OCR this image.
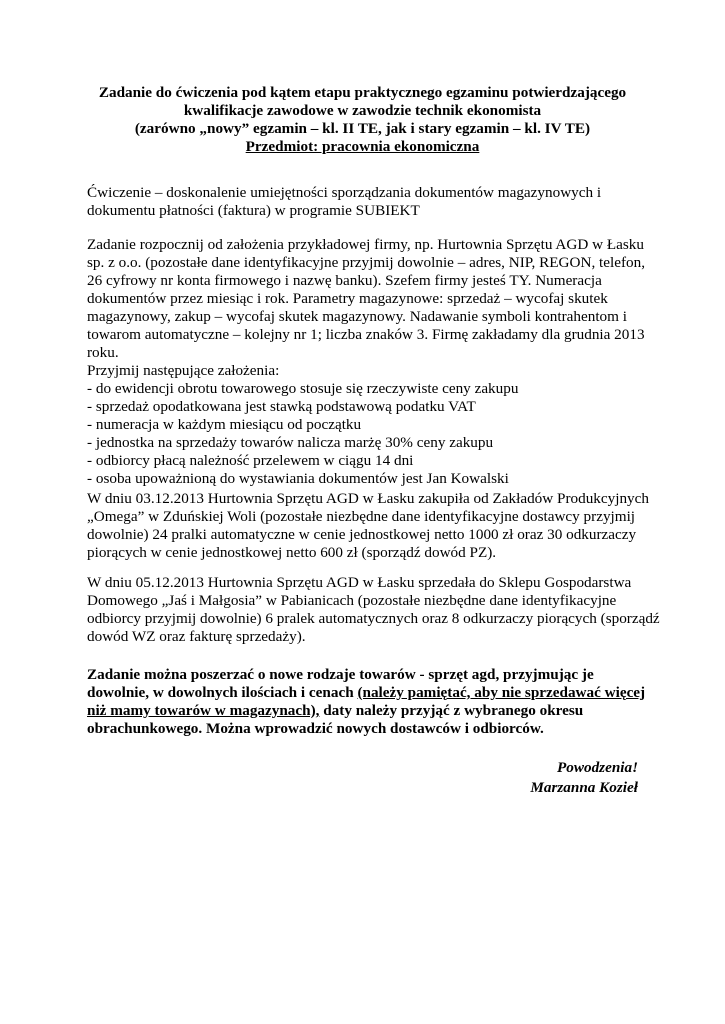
Zadanie do ćwiczenia pod kątem etapu praktycznego egzaminu potwierdzającego
kwalifikacje zawodowe w zawodzie technik ekonomista
(zarówno „nowy” egzamin – kl. II TE, jak i stary egzamin – kl. IV TE)
Przedmiot: pracownia ekonomiczna
Ćwiczenie – doskonalenie umiejętności sporządzania dokumentów magazynowych i
dokumentu płatności (faktura) w programie SUBIEKT
Zadanie rozpocznij od założenia przykładowej firmy, np. Hurtownia Sprzętu AGD w Łasku
sp. z o.o. (pozostałe dane identyfikacyjne przyjmij dowolnie – adres, NIP, REGON, telefon,
26 cyfrowy nr konta firmowego i nazwę banku). Szefem firmy jesteś TY. Numeracja
dokumentów przez miesiąc i rok. Parametry magazynowe: sprzedaż – wycofaj skutek
magazynowy, zakup – wycofaj skutek magazynowy. Nadawanie symboli kontrahentom i
towarom automatyczne – kolejny nr 1; liczba znaków 3. Firmę zakładamy dla grudnia 2013
roku.
Przyjmij następujące założenia:
- do ewidencji obrotu towarowego stosuje się rzeczywiste ceny zakupu
- sprzedaż opodatkowana jest stawką podstawową podatku VAT
- numeracja w każdym miesiącu od początku
- jednostka na sprzedaży towarów nalicza marżę 30% ceny zakupu
- odbiorcy płacą należność przelewem w ciągu 14 dni
- osoba upoważnioną do wystawiania dokumentów jest Jan Kowalski
W dniu 03.12.2013 Hurtownia Sprzętu AGD w Łasku zakupiła od Zakładów Produkcyjnych
„Omega” w Zduńskiej Woli (pozostałe niezbędne dane identyfikacyjne dostawcy przyjmij
dowolnie) 24 pralki automatyczne w cenie jednostkowej netto 1000 zł oraz 30 odkurzaczy
piorących w cenie jednostkowej netto 600 zł (sporządź dowód PZ).
W dniu 05.12.2013 Hurtownia Sprzętu AGD w Łasku sprzedała do Sklepu Gospodarstwa
Domowego „Jaś i Małgosia” w Pabianicach (pozostałe niezbędne dane identyfikacyjne
odbiorcy przyjmij dowolnie) 6 pralek automatycznych oraz 8 odkurzaczy piorących (sporządź
dowód WZ oraz fakturę sprzedaży).
Zadanie można poszerzać o nowe rodzaje towarów - sprzęt agd, przyjmując je
dowolnie, w dowolnych ilościach i cenach (należy pamiętać, aby nie sprzedawać więcej
niż mamy towarów w magazynach), daty należy przyjąć z wybranego okresu
obrachunkowego. Można wprowadzić nowych dostawców i odbiorców.
Powodzenia!
Marzanna Kozieł
